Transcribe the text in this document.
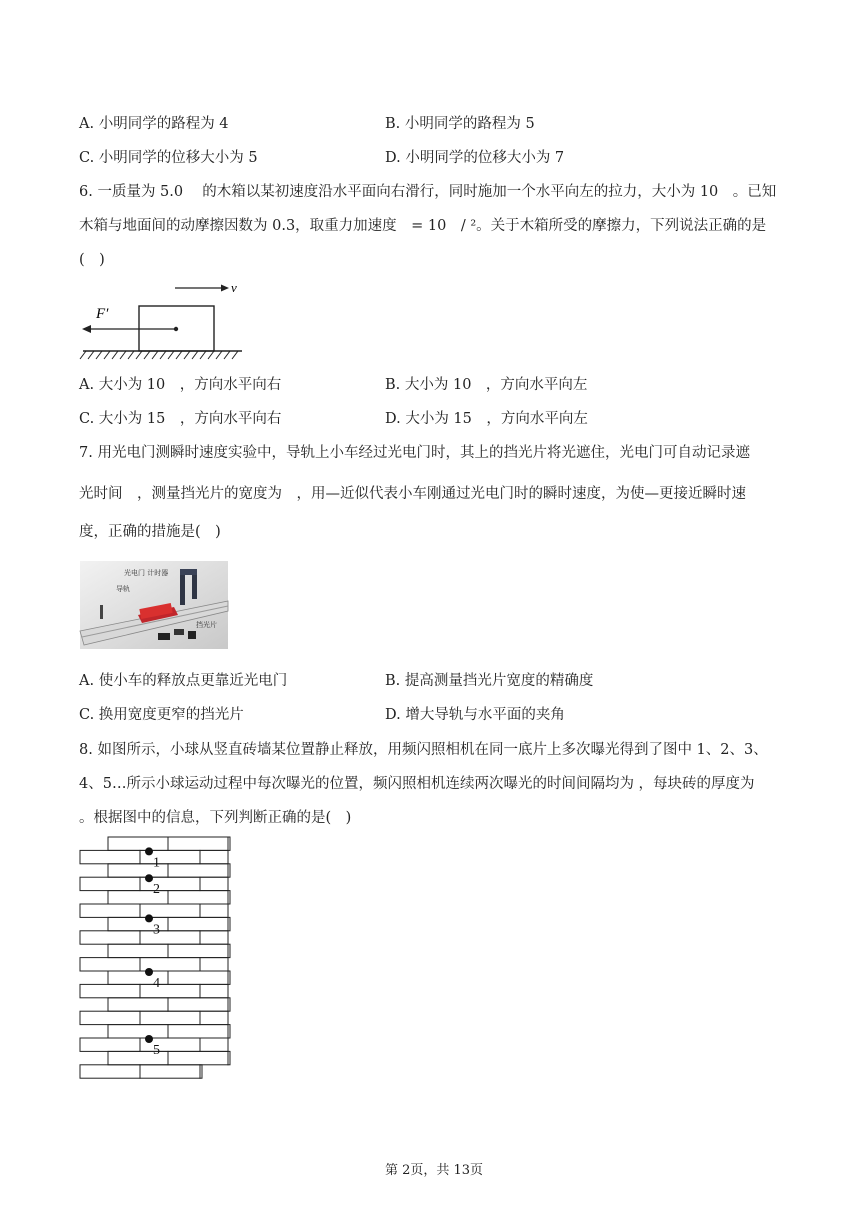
A. 小明同学的路程为 4	B. 小明同学的路程为 5
C. 小明同学的位移大小为 5	D. 小明同学的位移大小为 7
6. 一质量为 5.0　 的木箱以某初速度沿水平面向右滑行，同时施加一个水平向左的拉力，大小为 10　。已知
木箱与地面间的动摩擦因数为 0.3，取重力加速度　= 10　/ ²。关于木箱所受的摩擦力，下列说法正确的是
(　)
v
F′
A. 大小为 10　，方向水平向右	B. 大小为 10　，方向水平向左
C. 大小为 15　，方向水平向右	D. 大小为 15　，方向水平向左
7. 用光电门测瞬时速度实验中，导轨上小车经过光电门时，其上的挡光片将光遮住，光电门可自动记录遮
光时间　，测量挡光片的宽度为　，用—近似代表小车刚通过光电门时的瞬时速度，为使—更接近瞬时速
度，正确的措施是(　)
光电门 计时器
导轨
挡光片
A. 使小车的释放点更靠近光电门	B. 提高测量挡光片宽度的精确度
C. 换用宽度更窄的挡光片	D. 增大导轨与水平面的夹角
8. 如图所示，小球从竖直砖墙某位置静止释放，用频闪照相机在同一底片上多次曝光得到了图中 1、2、3、
4、5…所示小球运动过程中每次曝光的位置，频闪照相机连续两次曝光的时间间隔均为 ，每块砖的厚度为
。根据图中的信息，下列判断正确的是(　)
1
2
3
4
5
第 2页，共 13页
